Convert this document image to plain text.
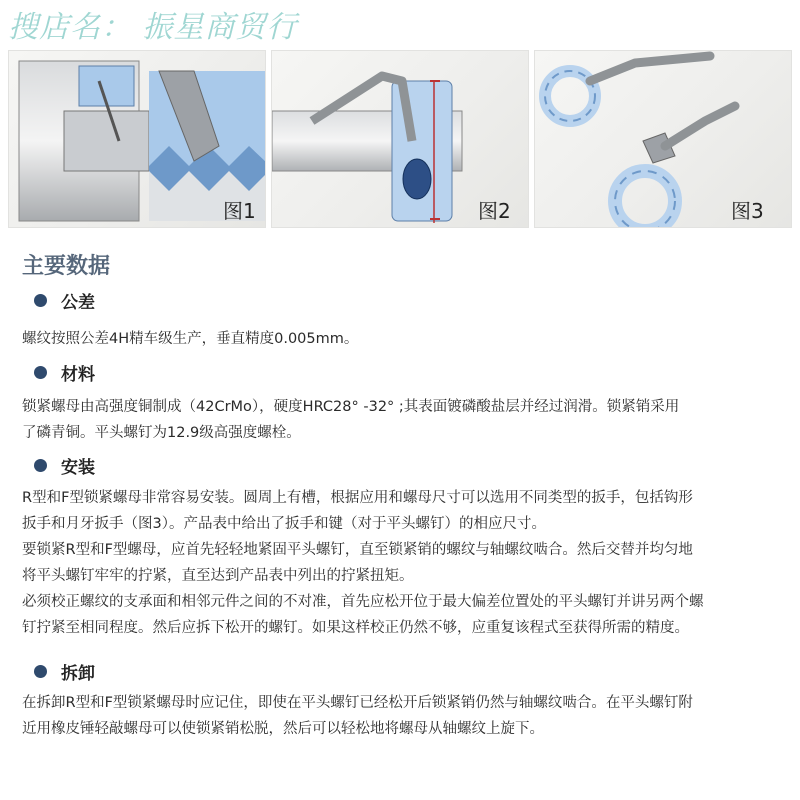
搜店名： 振星商贸行
图1	图2	图3
主要数据
公差
螺纹按照公差4H精车级生产，垂直精度0.005mm。
材料
锁紧螺母由高强度铜制成（42CrMo），硬度HRC28° -32° ;其表面镀磷酸盐层并经过润滑。锁紧销采用
了磷青铜。平头螺钉为12.9级高强度螺栓。
安装
R型和F型锁紧螺母非常容易安装。圆周上有槽，根据应用和螺母尺寸可以选用不同类型的扳手，包括钩形
扳手和月牙扳手（图3）。产品表中给出了扳手和键（对于平头螺钉）的相应尺寸。
要锁紧R型和F型螺母，应首先轻轻地紧固平头螺钉，直至锁紧销的螺纹与轴螺纹啮合。然后交替并均匀地
将平头螺钉牢牢的拧紧，直至达到产品表中列出的拧紧扭矩。
必须校正螺纹的支承面和相邻元件之间的不对准，首先应松开位于最大偏差位置处的平头螺钉并讲另两个螺
钉拧紧至相同程度。然后应拆下松开的螺钉。如果这样校正仍然不够，应重复该程式至获得所需的精度。
拆卸
在拆卸R型和F型锁紧螺母时应记住，即使在平头螺钉已经松开后锁紧销仍然与轴螺纹啮合。在平头螺钉附
近用橡皮锤轻敲螺母可以使锁紧销松脱，然后可以轻松地将螺母从轴螺纹上旋下。
